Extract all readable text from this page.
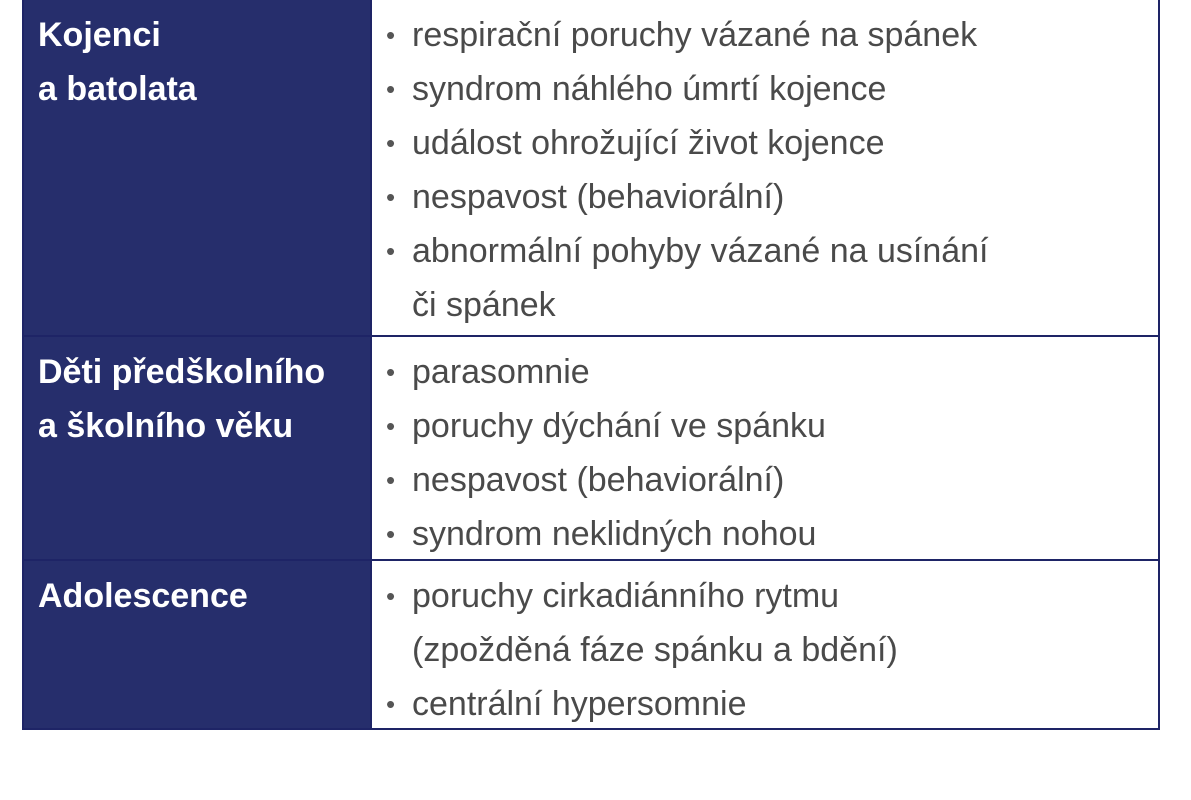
Kojenci
a batolata
• respirační poruchy vázané na spánek
• syndrom náhlého úmrtí kojence
• událost ohrožující život kojence
• nespavost (behaviorální)
• abnormální pohyby vázané na usínání
či spánek
Děti předškolního
a školního věku
• parasomnie
• poruchy dýchání ve spánku
• nespavost (behaviorální)
• syndrom neklidných nohou
Adolescence	• poruchy cirkadiánního rytmu
(zpožděná fáze spánku a bdění)
• centrální hypersomnie
